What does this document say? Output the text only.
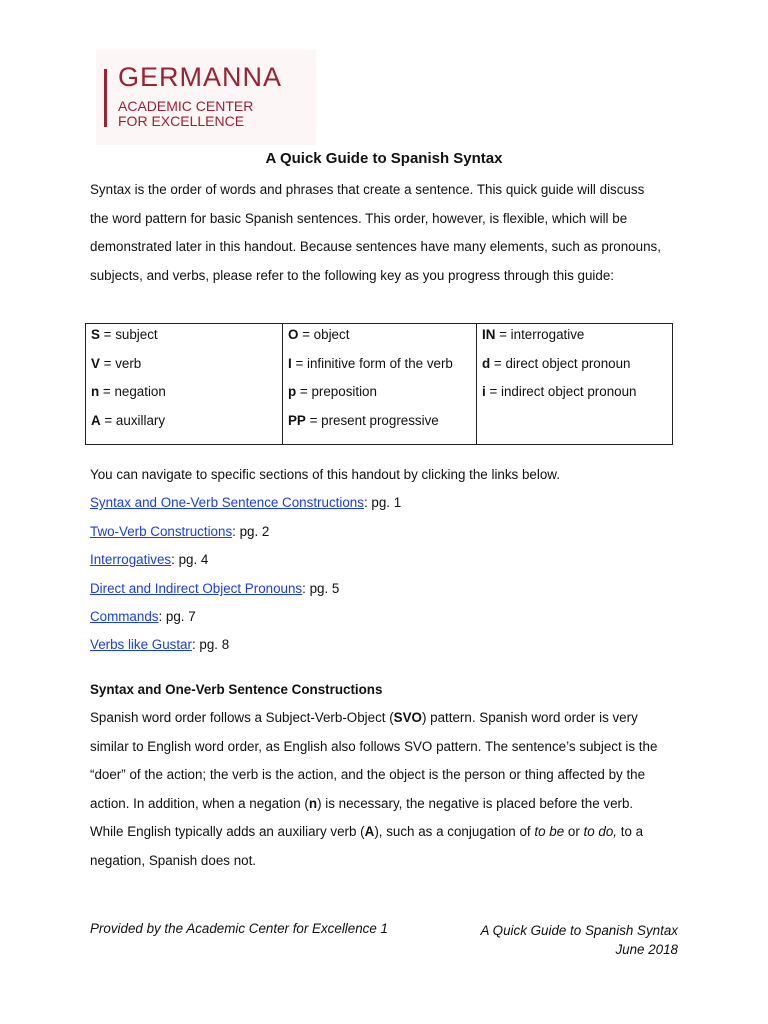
GERMANNA
ACADEMIC CENTER
FOR EXCELLENCE
A Quick Guide to Spanish Syntax
Syntax is the order of words and phrases that create a sentence. This quick guide will discuss
the word pattern for basic Spanish sentences. This order, however, is flexible, which will be
demonstrated later in this handout. Because sentences have many elements, such as pronouns,
subjects, and verbs, please refer to the following key as you progress through this guide:
S = subject	O = object	IN = interrogative
V = verb	I = infinitive form of the verb	d = direct object pronoun
n = negation	p = preposition	i = indirect object pronoun
A = auxillary	PP = present progressive	
You can navigate to specific sections of this handout by clicking the links below.
Syntax and One-Verb Sentence Constructions: pg. 1
Two-Verb Constructions: pg. 2
Interrogatives: pg. 4
Direct and Indirect Object Pronouns: pg. 5
Commands: pg. 7
Verbs like Gustar: pg. 8
Syntax and One-Verb Sentence Constructions
Spanish word order follows a Subject-Verb-Object (SVO) pattern. Spanish word order is very
similar to English word order, as English also follows SVO pattern. The sentence’s subject is the
“doer” of the action; the verb is the action, and the object is the person or thing affected by the
action. In addition, when a negation (n) is necessary, the negative is placed before the verb.
While English typically adds an auxiliary verb (A), such as a conjugation of to be or to do, to a
negation, Spanish does not.
Provided by the Academic Center for Excellence 1	A Quick Guide to Spanish Syntax
June 2018
